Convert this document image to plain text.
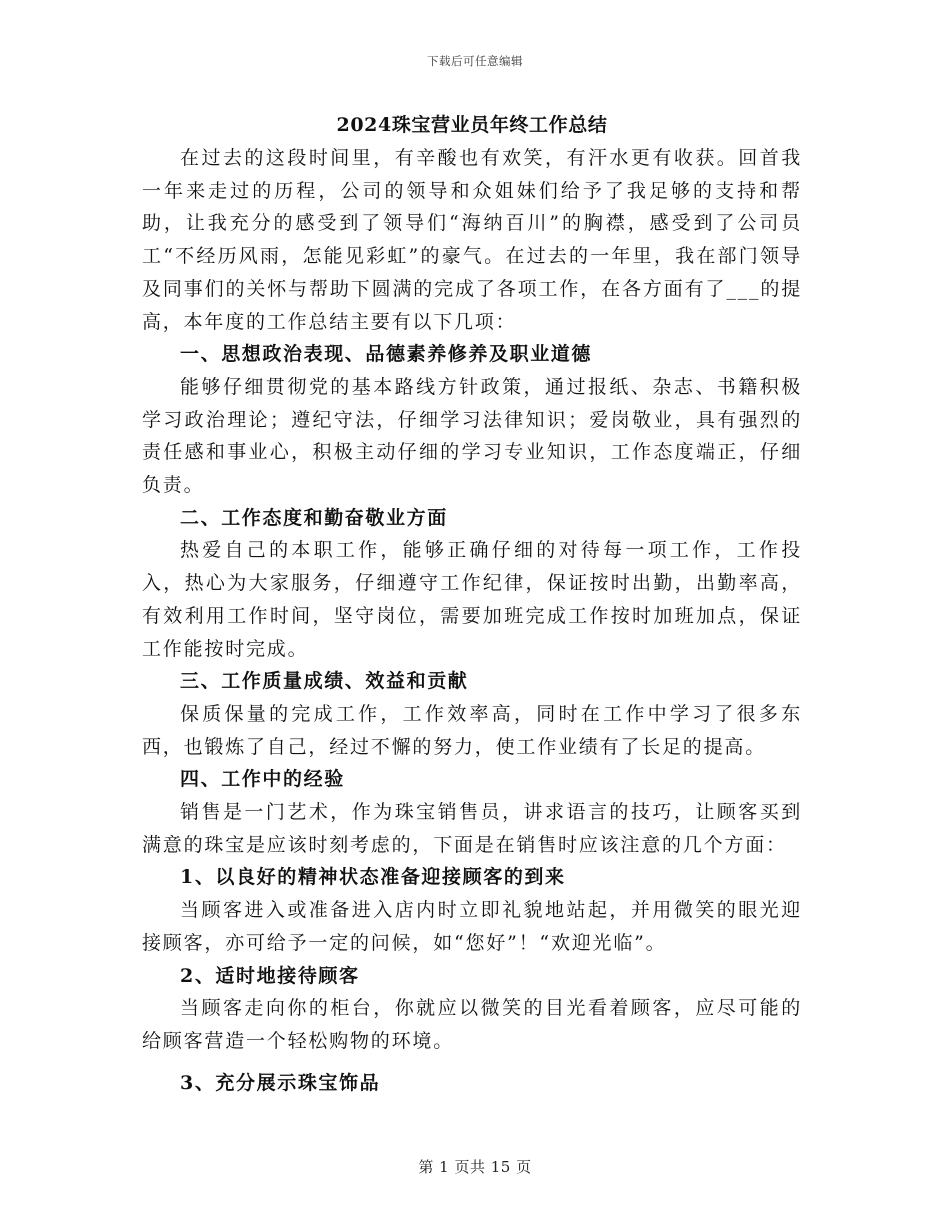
下载后可任意编辑
2024珠宝营业员年终工作总结

在过去的这段时间里，有辛酸也有欢笑，有汗水更有收获。回首我一年来走过的历程，公司的领导和众姐妹们给予了我足够的支持和帮助，让我充分的感受到了领导们“海纳百川”的胸襟，感受到了公司员工“不经历风雨，怎能见彩虹”的豪气。在过去的一年里，我在部门领导及同事们的关怀与帮助下圆满的完成了各项工作，在各方面有了___的提高，本年度的工作总结主要有以下几项：

一、思想政治表现、品德素养修养及职业道德

能够仔细贯彻党的基本路线方针政策，通过报纸、杂志、书籍积极学习政治理论；遵纪守法，仔细学习法律知识；爱岗敬业，具有强烈的责任感和事业心，积极主动仔细的学习专业知识，工作态度端正，仔细负责。

二、工作态度和勤奋敬业方面

热爱自己的本职工作，能够正确仔细的对待每一项工作，工作投入，热心为大家服务，仔细遵守工作纪律，保证按时出勤，出勤率高，有效利用工作时间，坚守岗位，需要加班完成工作按时加班加点，保证工作能按时完成。

三、工作质量成绩、效益和贡献

保质保量的完成工作，工作效率高，同时在工作中学习了很多东西，也锻炼了自己，经过不懈的努力，使工作业绩有了长足的提高。

四、工作中的经验

销售是一门艺术，作为珠宝销售员，讲求语言的技巧，让顾客买到满意的珠宝是应该时刻考虑的，下面是在销售时应该注意的几个方面：

1、以良好的精神状态准备迎接顾客的到来

当顾客进入或准备进入店内时立即礼貌地站起，并用微笑的眼光迎接顾客，亦可给予一定的问候，如“您好”！“欢迎光临”。

2、适时地接待顾客

当顾客走向你的柜台，你就应以微笑的目光看着顾客，应尽可能的给顾客营造一个轻松购物的环境。

3、充分展示珠宝饰品
第 1 页共 15 页
